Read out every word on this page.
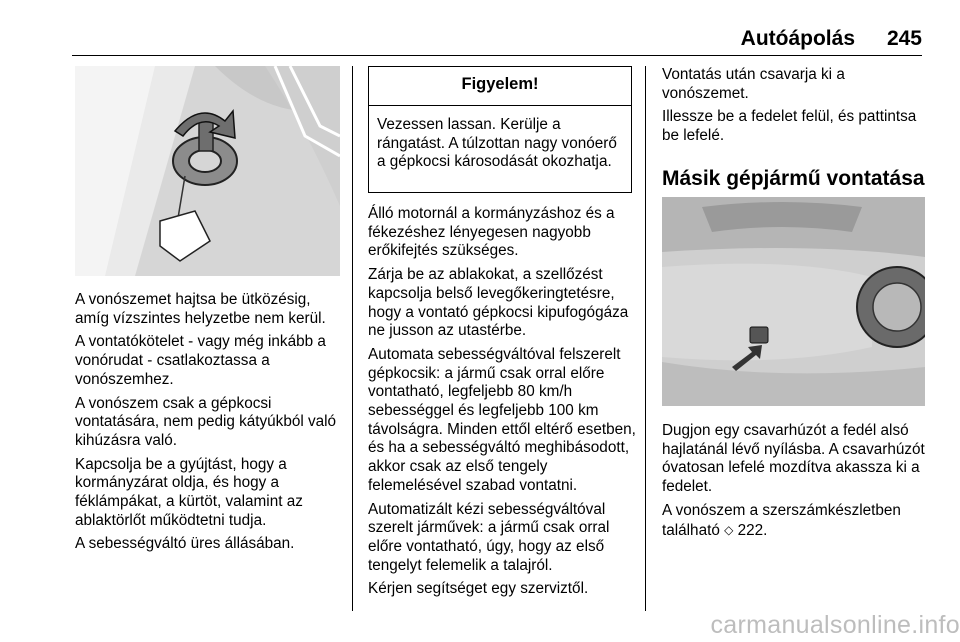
Autóápolás 245

A vonószemet hajtsa be ütközésig, amíg vízszintes helyzetbe nem kerül.

A vontatókötelet - vagy még inkább a vonórudat - csatlakoztassa a vonószemhez.

A vonószem csak a gépkocsi vontatására, nem pedig kátyúkból való kihúzásra való.

Kapcsolja be a gyújtást, hogy a kormányzárat oldja, és hogy a féklámpákat, a kürtöt, valamint az ablaktörlőt működtetni tudja.

A sebességváltó üres állásában.

Figyelem!
Vezessen lassan. Kerülje a rángatást. A túlzottan nagy vonóerő a gépkocsi károsodását okozhatja.

Álló motornál a kormányzáshoz és a fékezéshez lényegesen nagyobb erőkifejtés szükséges.

Zárja be az ablakokat, a szellőzést kapcsolja belső levegőkeringtetésre, hogy a vontató gépkocsi kipufogógáza ne jusson az utastérbe.

Automata sebességváltóval felszerelt gépkocsik: a jármű csak orral előre vontatható, legfeljebb 80 km/h sebességgel és legfeljebb 100 km távolságra. Minden ettől eltérő esetben, és ha a sebességváltó meghibásodott, akkor csak az első tengely felemelésével szabad vontatni.

Automatizált kézi sebességváltóval szerelt járművek: a jármű csak orral előre vontatható, úgy, hogy az első tengelyt felemelik a talajról.

Kérjen segítséget egy szerviztől.

Vontatás után csavarja ki a vonószemet.

Illessze be a fedelet felül, és pattintsa be lefelé.

Másik gépjármű vontatása

Dugjon egy csavarhúzót a fedél alsó hajlatánál lévő nyílásba. A csavarhúzót óvatosan lefelé mozdítva akassza ki a fedelet.

A vonószem a szerszámkészletben található ◇ 222.

carmanualsonline.info
